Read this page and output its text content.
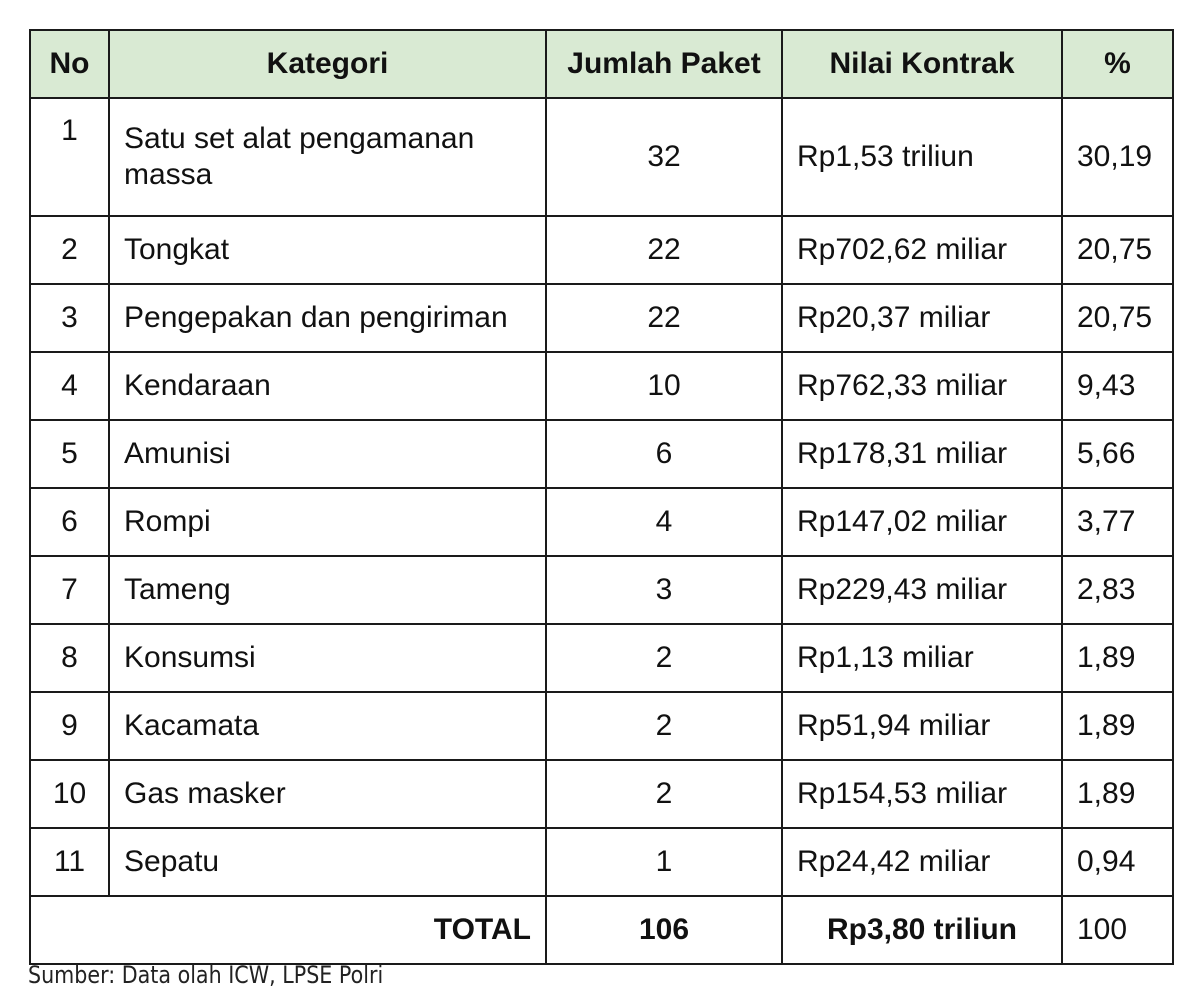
No	Kategori	Jumlah Paket	Nilai Kontrak	%
1	Satu set alat pengamanan massa	32	Rp1,53 triliun	30,19
2	Tongkat	22	Rp702,62 miliar	20,75
3	Pengepakan dan pengiriman	22	Rp20,37 miliar	20,75
4	Kendaraan	10	Rp762,33 miliar	9,43
5	Amunisi	6	Rp178,31 miliar	5,66
6	Rompi	4	Rp147,02 miliar	3,77
7	Tameng	3	Rp229,43 miliar	2,83
8	Konsumsi	2	Rp1,13 miliar	1,89
9	Kacamata	2	Rp51,94 miliar	1,89
10	Gas masker	2	Rp154,53 miliar	1,89
11	Sepatu	1	Rp24,42 miliar	0,94
TOTAL		106	Rp3,80 triliun	100
Sumber: Data olah ICW, LPSE Polri
